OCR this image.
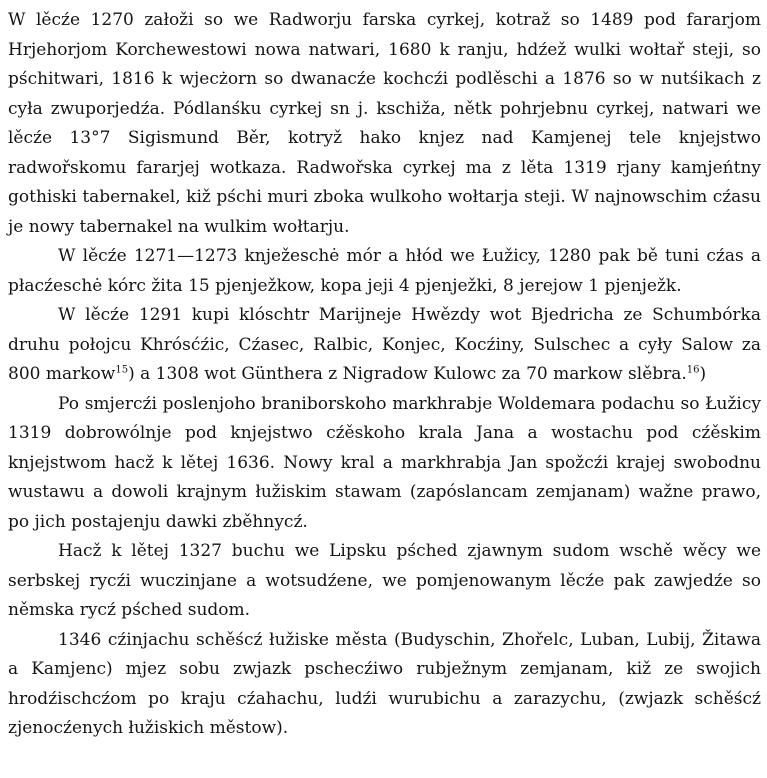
W lěcźe 1270 załoži so we Radworju farska cyrkej, kotraž so 1489 pod fararjom Hrjehorjom Korchewestowi nowa natwari, 1680 k ranju, hdźež wulki wołtař steji, so pśchitwari, 1816 k wjecżorn so dwanacźe kochcźi podlěschi a 1876 so w nutśikach z cyła zwuporjedźa. Pódlanśku cyrkej sn j. kschiža, nětk pohrjebnu cyrkej, natwari we lěcźe 13°7 Sigismund Běr, kotryž hako knjez nad Kamjenej tele knjejstwo radwořskomu fararjej wotkaza. Radwořska cyrkej ma z lěta 1319 rjany kamjeńtny gothiski tabernakel, kiž pśchi muri zboka wulkoho wołtarja steji. W najnowschim cźasu je nowy tabernakel na wulkim wołtarju.

W lěcźe 1271—1273 knježeschė mór a hłód we Łužicy, 1280 pak bě tuni cźas a płacźeschė kórc žita 15 pjenježkow, kopa jeji 4 pjenježki, 8 jerejow 1 pjenježk.

W lěcźe 1291 kupi klóschtr Marijneje Hwězdy wot Bjedricha ze Schumbórka druhu połojcu Khrósćźic, Cźasec, Ralbic, Konjec, Kocźiny, Sulschec a cyły Salow za 800 markow$^{15}$) a 1308 wot Günthera z Nigradow Kulowc za 70 markow slěbra.$^{16}$)

Po smjercźi poslenjoho braniborskoho markhrabje Woldemara podachu so Łužicy 1319 dobrowólnje pod knjejstwo cźěskoho krala Jana a wostachu pod cźěskim knjejstwom hacž k lětej 1636. Nowy kral a markhrabja Jan spožcźi krajej swobodnu wustawu a dowoli krajnym łužiskim stawam (zapóslancam zemjanam) wažne prawo, po jich postajenju dawki zběhnycź.

Hacž k lětej 1327 buchu we Lipsku pśched zjawnym sudom wschě wěcy we serbskej rycźi wuczinjane a wotsudźene, we pomjenowanym lěcźe pak zawjedźe so němska rycź pśched sudom.

1346 cźinjachu schěścź łužiske města (Budyschin, Zhořelc, Luban, Lubij, Žitawa a Kamjenc) mjez sobu zwjazk pschecźiwo rubježnym zemjanam, kiž ze swojich hrodźischcźom po kraju cźahachu, ludźi wurubichu a zarazychu, (zwjazk schěścź zjenocźenych łužiskich městow).
